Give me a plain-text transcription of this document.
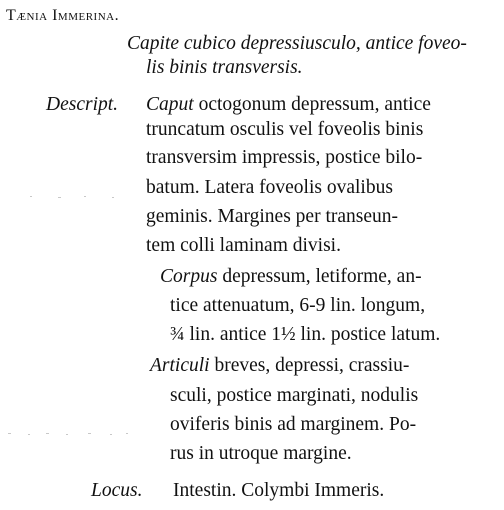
Tænia Immerina.
Capite cubico depressiusculo, antice foveo-
lis binis transversis.
Descript. Caput octogonum depressum, antice
truncatum osculis vel foveolis binis
transversim impressis, postice bilo-
batum. Latera foveolis ovalibus
geminis. Margines per transeun-
tem colli laminam divisi.
Corpus depressum, letiforme, an-
tice attenuatum, 6-9 lin. longum,
¾ lin. antice 1½ lin. postice latum.
Articuli breves, depressi, crassiu-
sculi, postice marginati, nodulis
oviferis binis ad marginem. Po-
rus in utroque margine.
Locus. Intestin. Colymbi Immeris.
